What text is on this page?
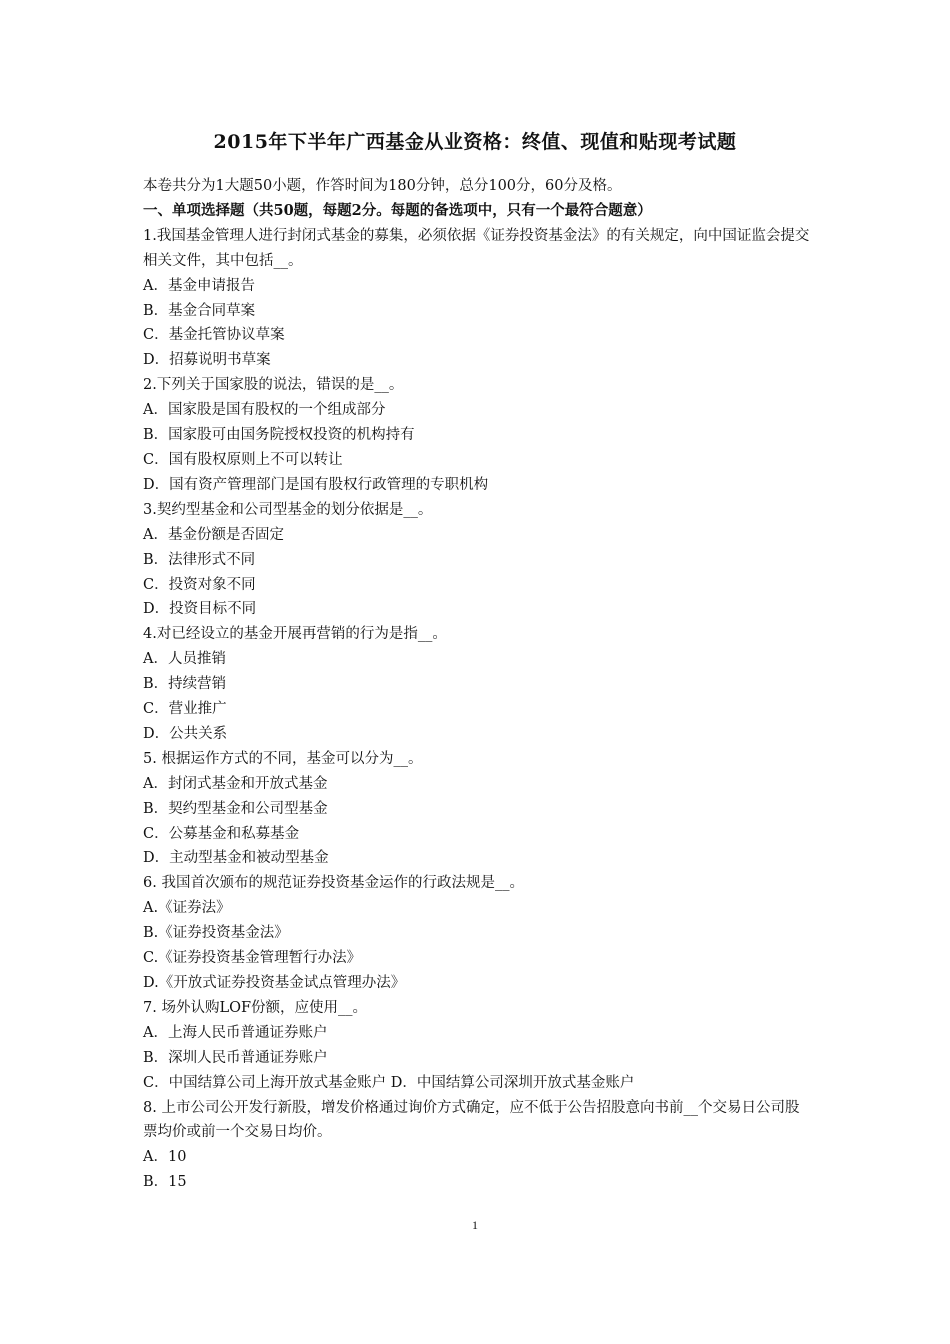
2015年下半年广西基金从业资格：终值、现值和贴现考试题
本卷共分为1大题50小题，作答时间为180分钟，总分100分，60分及格。
一、单项选择题（共50题，每题2分。每题的备选项中，只有一个最符合题意）
1.我国基金管理人进行封闭式基金的募集，必须依据《证券投资基金法》的有关规定，向中国证监会提交相关文件，其中包括__。
A．基金申请报告
B．基金合同草案
C．基金托管协议草案
D．招募说明书草案
2.下列关于国家股的说法，错误的是__。
A．国家股是国有股权的一个组成部分
B．国家股可由国务院授权投资的机构持有
C．国有股权原则上不可以转让
D．国有资产管理部门是国有股权行政管理的专职机构
3.契约型基金和公司型基金的划分依据是__。
A．基金份额是否固定
B．法律形式不同
C．投资对象不同
D．投资目标不同
4.对已经设立的基金开展再营销的行为是指__。
A．人员推销
B．持续营销
C．营业推广
D．公共关系
5. 根据运作方式的不同，基金可以分为__。
A．封闭式基金和开放式基金
B．契约型基金和公司型基金
C．公募基金和私募基金
D．主动型基金和被动型基金
6. 我国首次颁布的规范证券投资基金运作的行政法规是__。
A.《证券法》
B.《证券投资基金法》
C.《证券投资基金管理暂行办法》
D.《开放式证券投资基金试点管理办法》
7. 场外认购LOF份额，应使用__。
A．上海人民币普通证券账户
B．深圳人民币普通证券账户
C．中国结算公司上海开放式基金账户 D．中国结算公司深圳开放式基金账户
8. 上市公司公开发行新股，增发价格通过询价方式确定，应不低于公告招股意向书前__个交易日公司股票均价或前一个交易日均价。
A．10
B．15
1
